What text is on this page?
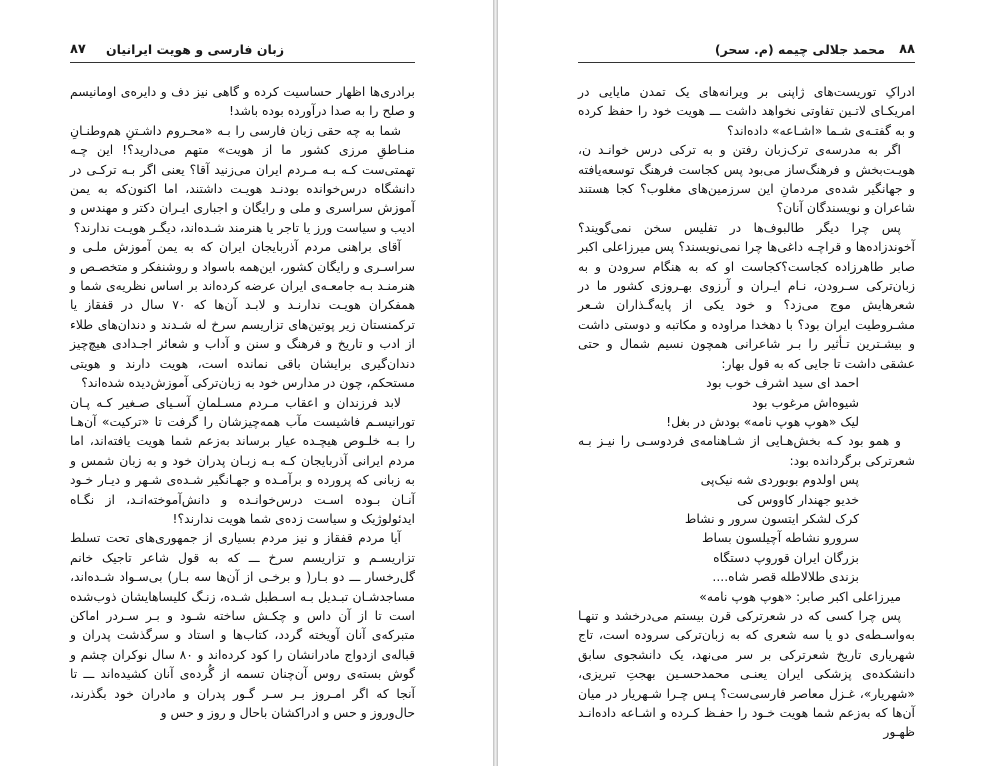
۸۷ زبان فارسی و هویت ایرانیان

برادری‌ها اظهار حساسیت کرده و گاهی نیز دف و دایره‌ی اومانیسم و صلح را به صدا درآورده بوده باشد!

شما به چه حقی زبان فارسی را بـه «محـروم داشـتنِ هم‌وطنـانِ منـاطقِ مرزی کشور ما از هویت» متهم می‌دارید؟! این چـه تهمتی‌ست کـه بـه مـردم ایران می‌زنید آقا؟ یعنی اگر بـه ترکـی در دانشگاه درس‌خوانده بودنـد هویـت داشتند، اما اکنون‌که به یمن آموزش سراسری و ملی و رایگان و اجباری ایـران دکتر و مهندس و ادیب و سیاست ورز یا تاجر یا هنرمند شـده‌اند، دیگـر هویـت ندارند؟

آقای براهنی مردم آذربایجان ایران که به یمن آموزش ملـی و سراسـری و رایگان کشور، این‌همه باسواد و روشنفکر و متخصـص و هنرمنـد بـه جامعـه‌ی ایران عرضه کرده‌اند بر اساس نظریه‌ی شما و همفکران هویـت ندارنـد و لابـد آن‌ها که ۷۰ سال در قفقاز یا ترکمنستان زیر پوتین‌های تزاریسم سرخ له شـدند و دندان‌های طلاء از ادب و تاریخ و فرهنگ و سنن و آداب و شعائر اجـدادی هیچ‌چیز دندان‌گیری برایشان باقی نمانده است، هویت دارند و هویتی مستحکم، چون در مدارس خود به زبان‌ترکی آموزش‌دیده شده‌اند؟

لابد فرزندان و اعقاب مـردم مسـلمانِ آسـیای صـغیر کـه پـان تورانیسـم فاشیست مآب همه‌چیزشان را گرفت تا «ترکیت» آن‌هـا را بـه خلـوص هیچـده عیار برساند به‌زعم شما هویت یافته‌اند، اما مردم ایرانی آذربایجان کـه بـه زبـان پدران خود و به زبان شمس و به زبانی که پرورده و برآمـده و جهـانگیر شـده‌ی شـهر و دیـار خـود آنـان بـوده اسـت درس‌خوانـده و دانش‌آموخته‌انـد، از نگـاه ایدئولوژیک و سیاست زده‌ی شما هویت ندارند؟!

آیا مردم قفقاز و نیز مردم بسیاری از جمهوری‌های تحت تسلط تزاریسـم و تزاریسم سرخ ـــ که به قول شاعر تاجیک خانم گل‌رخسار ـــ دو بـار( و برخـی از آن‌ها سه بـار) بی‌سـواد شـده‌اند، مساجدشـان تبـدیل بـه اسـطبل شـده، زنـگ کلیساهایشان ذوب‌شده است تا از آن داس و چکـش ساخته شـود و بـر سـردر اماکن متبرکه‌ی آنان آویخته گردد، کتاب‌ها و استاد و سرگذشت پدران و قباله‌ی ازدواج مادرانشان را کود کرده‌اند و ۸۰ سال نوکران چشم و گوش بسته‌ی روس آن‌چنان تسمه از گُرده‌ی آنان کشیده‌اند ـــ تا آنجا که اگر امـروز بـر سـر گـور پدران و مادران خود بگذرند، حال‌وروز و حس و ادراکشان باحال و روز و حس و

۸۸
محمد جلالی چیمه (م. سحر)

ادراکِ توریست‌های ژاپنی بر ویرانه‌های یک تمدن مایایی در امریکـای لاتـین تفاوتی نخواهد داشت ـــ هویت خود را حفظ کرده و به گفتـه‌ی شـما «اشـاعه» داده‌اند؟

اگر به مدرسه‌ی ترک‌زبان رفتن و به ترکی درس خوانـد ن، هویـت‌بخش و فرهنگ‌ساز می‌بود پس کجاست فرهنگ توسعه‌یافته و جهانگیر شده‌ی مردمانِ این سرزمین‌های مغلوب؟ کجا هستند شاعران و نویسندگان آنان؟

پس چرا دیگر طالبوف‌ها در تفلیس سخن نمی‌گویند؟ آخوندزاده‌ها و قراچـه داغی‌ها چرا نمی‌نویسند؟ پس میرزاعلی اکبر صابر طاهرزاده کجاست؟کجاست او که به هنگام سرودن و به زبان‌ترکی سـرودن، نـام ایـران و آرزوی بهـروزی کشور ما در شعرهایش موج می‌زد؟ و خود یکی از پایه‌گـذاران شـعر مشـروطیت ایران بود؟ با دهخدا مراوده و مکاتبه و دوستی داشت و بیشـترین تـأثیر را بـر شاعرانی همچون نسیم شمال و حتی عشقی داشت تا جایی که به قول بهار:

احمد ای سید اشرف خوب بود

شیوه‌اش مرغوب بود

لیک «هوپ هوپ نامه» بودش در بغل!

و همو بود کـه بخش‌هـایی از شـاهنامه‌ی فردوسـی را نیـز بـه شعرترکی برگردانده بود:

پس اولدوم بوبوردی شه نیک‌پی

خدیو جهندار کاووس کی

کرک لشکر ایتسون سرور و نشاط

سرورو نشاطه آچیلسون بساط

بزرگان ایران قوروپ دستگاه

بزندی طلالاطله قصر شاه....

میرزاعلی اکبر صابر: «هوپ هوپ نامه»

پس چرا کسی که در شعرترکی قرن بیستم می‌درخشد و تنهـا به‌واسـطه‌ی دو یا سه شعری که به زبان‌ترکی سروده است، تاج شهریاری تاریخ شعرترکی بر سر می‌نهد، یک دانشجوی سابق دانشکده‌ی پزشکی ایران یعنـی محمدحسـین بهجتِ تبریزی، «شهریار»، غـزل معاصر فارسی‌ست؟ پـس چـرا شـهریار در میان آن‌ها که به‌زعم شما هویت خـود را حفـظ کـرده و اشـاعه داده‌انـد ظهـور
